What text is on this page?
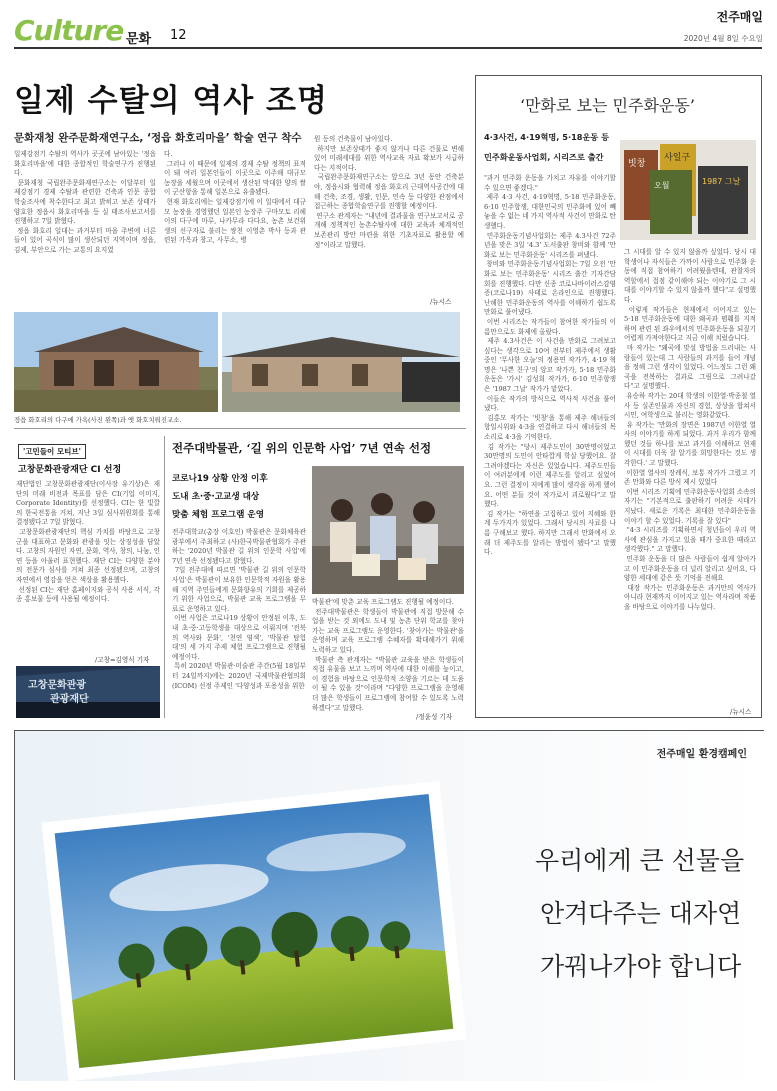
Culture 문화 12
전주매일
2020년 4월 8일 수요일
일제 수탈의 역사 조명
문화재청 완주문화재연구소, ‘정읍 화호리마을’ 학술 연구 착수
일제강점기 수탈의 역사가 곳곳에 남아있는 '정읍 화호리마을'에 대한 종합적인 학술연구가 진행된다.
문화재청 국립완주문화재연구소는 이달부터 일제강점기 경제 수탈과 관련한 건축과 인문 종합 학술조사에 착수한다고 최고 밝히고 보존 상태가 양호한 정읍시 화호리마을 등 실 태조사보고서를 진행하고 7일 밝혔다.
정읍 화호리 일대는 과거부터 마을 주변에 너른 들이 있어 곡식이 많이 생산되던 지역이며 정읍, 김제, 부안으로 가는 교통의 요지였
다.
그러나 이 때문에 일제의 경제 수탈 정책의 표적이 돼 여러 일본인들이 이곳으로 이주해 대규모 농장을 세웠으며 이곳에서 생산된 막대한 양의 쌀이 군산항을 통해 일본으로 유출됐다.
현재 화호리에는 일제강점기에 이 일대에서 대규모 농장을 경영했던 일본인 농장주 구마모토 리헤이의 다구에 마루, 나카무라 다다요, 농촌 보건위생의 선구자로 불리는 쌍천 이영춘 박사 등과 관련된 가옥과 창고, 사무소, 병
원 등의 건축물이 남아있다.
하지만 보존상태가 좋지 않거나 다른 건물로 변해 있어 미래세대를 위한 역사교육 자료 확보가 시급하다는 지적이다.
국립완주문화재연구소는 앞으로 3년 동안 건축분야, 정읍시와 협력해 정읍 화호리 근대역사공간에 대해 건축, 조경, 생활, 인문, 민속 등 다양한 관점에서 접근하는 종합학술연구를 진행할 예정이다.
연구소 관계자는 "내년에 결과물을 연구보고서로 공개해 정책적인 농촌수탈사에 대한 교육과 체계적인 보존관리 방안 마련을 위한 기초자료로 활용할 예정"이라고 말했다.
/뉴시스
정읍 화호리의 다구에 가옥(사진 왼쪽)과 옛 화호치뤄진교소.
‘만화로 보는 민주화운동’
4·3사건, 4·19혁명, 5·18운동 등
민주화운동사업회, 시리즈로 출간
빗창
사일구
오월	1987 그날
"과거 민주화 운동을 가치고 자유를 이야기할 수 있으면 좋겠다."
제주 4·3 사건, 4·19혁명, 5·18 민주화운동, 6·10 민주항쟁, 대한민국의 민주화에 있어 빼놓을 수 없는 네 가지 역사적 사건이 만화로 탄생했다.
민주화운동기념사업회는 제주 4.3사건 72주년을 맞은 3일 '4.3' 도서출판 창비와 함께 '만화로 보는 민주화운동' 시리즈를 펴냈다.
창비와 민주화운동기념사업회는 7일 오전 '만화로 보는 민주화운동' 시리즈 출간 기자간담회를 진행했다. 다만 신종 코로나바이러스감염증(코로나19) 사태로 온라인으로 진행했다. 난해한 민주화운동의 역사를 이해하기 쉽도록 만화로 풀어냈다.
이번 시리즈는 작가들이 참여한 작가들의 이름만으로도 화제에 올랐다.
제주 4.3사건은 이 사건을 만화로 그려보고 싶다는 생각으로 10여 전부터 제주에서 생활 중인 '무사한 오늘'의 정용연 작가가, 4·19 혁명은 '나쁜 친구'의 앙꼬 작가가, 5·18 민주화운동은 '가시' 김성희 작가가, 6·10 민주항쟁은 '1987 그날' 작가가 맡았다.
이들은 작가의 방식으로 역사적 사건을 풀어냈다.
김홍모 작가는 '빗창'을 통해 제주 해녀들의 항일시위와 4·3을 연결하고 다시 해녀들의 목소리로 4·3을 기억한다.
김 작가는 "당시 제주도민이 30만명이었고 30만명의 도민이 안타깝게 학살 당했어요. 잘 그려야겠다는 자신은 있었습니다. 제주도민들이 여러분에게 이런 제주도를 알리고 싶었어요. 그런 결정이 저에게 많이 생각을 하게 했어요. 어떤 분들 것이 작가로서 괴로웠다"고 말했다.
김 작가는 "하연을 고집하고 있어 지혜와 한계 두가지가 있었다. 그래서 당시의 사료를 나름 구해보고 했다. 하지만 그래서 만화에서 오래 더 제주도를 알리는 방법이 됐다"고 말했다.
그 시대를 알 수 있지 않을까 싶었다. 당시 대학생이나 자식들은 가까이 사람으로 민주화 운동에 직접 참여하기 어려웠을텐데, 관찰자의 역할에서 접점 같이해야 되는 이야기로 그 시대를 이야기할 수 있지 않을까 했다"고 설명했다.
이렇게 작가들은 현재에서 이어지고 있는 5·18 민주화운동에 대한 왜곡과 폄훼를 지적하며 관련 된 좌우에서의 민주화운동을 되짚기 어렵게 가져야한다고 지금 이해 치렀습니다.
마 작가는 "왜곡에 맞설 방법을 드러내는 사람들이 있는데 그 사람들의 과거를 들어 개념을 정해 그런 생각이 있었다. 어느정도 그런 왜곡을 전복하는 결과로 그림으로 그려나갔다"고 설명했다.
유승하 작가는 20대 학생의 이한열·박종철 열사 등 실존인물과 자신의 경험, 상상을 합쳐서 시민, 여학생으로 불리는 영화같았다.
유 작가는 '만화의 장면은 1987년 이한열 열사의 이야기를 하게 되었다. 과거 우리가 함께 했던 것들 하나를 보고 과거를 이해하고 현재 이 시대를 더욱 잘 알기를 희망한다는 것도 생각한다.' 고 말했다.
이한열 열사의 장례식, 보통 작가가 그렸고 기존 만화와 다른 방식 제시 있었다
이번 시리즈 기획에 민주화운동사업회 소속의 자기는 "기본적으로 출판하기 어려운 시대가 지났다. 새로운 기록은 최대한 민주화운동을 이야기 할 수 있었다. 기록을 잘 있다"
"4·3 시리즈를 기획하면서 청년들이 우리 역사에 관심을 가지고 있을 때가 중요한 때라고 생각했다." 고 말했다.
민주화 운동을 더 많은 사람들이 쉽게 알아가고 이 민주화운동을 더 널리 알리고 싶어요, 다양한 세대에 같은 뜻 기억을 전해요
대장 작가는 민주화운동은 과거만의 역사가 아니라 현재까지 이어지고 있는 역사라며 작품을 바탕으로 이야기를 나누었다.
/뉴시스
'고민들이 모티브'
고창문화관광재단 CI 선정
재단법인 고창문화관광재단(이사장 유기상)은 재단의 미래 비전과 목표를 담은 CI(기업 이미지, Corporate Identity)를 선정했다. CI는 한 빛깔의 한국전통을 거쳐, 지난 3일 심사위원회를 통해 결정됐다고 7일 밝혔다.
고창문화관광재단의 핵심 가치를 바탕으로 고창군을 대표하고 문화와 관광을 잇는 상징성을 담았다. 고창의 자원인 자연, 문화, 역사, 창의, 나눔, 인연 등을 아울러 표현했다. 재단 CI는 다양한 분야의 전문가 심사를 거쳐 최종 선정됐으며, 고창의 자연에서 영감을 얻은 색상을 활용했다.
선정된 CI는 재단 홈페이지와 공식 사용 서식, 각종 홍보물 등에 사용될 예정이다.
/고창=김영식 기자
고창문화관광
관광재단
전주대박물관, ‘길 위의 인문학 사업’ 7년 연속 선정
코로나19 상황 안정 이후
도내 초·중·고교생 대상
맞춤 체험 프로그램 운영
전주대학교(총장 이호인) 박물관은 문화체육관광부에서 주최하고 (사)한국박물관협회가 주관하는 '2020년 박물관 길 위의 인문학 사업'에 7년 연속 선정됐다고 밝혔다.
7일 전주대에 따르면 '박물관 길 위의 인문학 사업'은 박물관이 보유한 인문학적 자원을 활용해 지역 주민들에게 문화향유의 기회를 제공하기 위한 사업으로, 박물관 교육 프로그램을 무료로 운영하고 있다.
이번 사업은 코로나19 상황이 안정된 이후, 도내 초·중·고등학생을 대상으로 이뤄지며 '전북의 역사와 문화', '천연 염색', '박물관 탐험대'의 세 가지 주제 체험 프로그램으로 진행될 예정이다.
특히 2020년 박물관·미술관 주간(5월 18일부터 24일까지)에는 2020년 국제박물관협의회(ICOM) 선정 주제인 '다양성과 포용성을 위한
박물관'에 맞춘 교육 프로그램도 진행될 예정이다.
전주대박물관은 학생들이 박물관에 직접 방문해 수업을 받는 것 외에도 도내 및 농촌 단위 학교를 찾아가는 교육 프로그램도 운영한다. '찾아가는 박물관'을 운영하며 교육 프로그램 수혜자를 확대해가기 위해 노력하고 있다.
박물관 측 관계자는 "박물관 교육을 받은 학생들이 직접 유물을 보고 느끼며 역사에 대한 이해를 높이고, 이 경험을 바탕으로 인문학적 소양을 기르는 데 도움이 될 수 있을 것"이라며 "다양한 프로그램을 운영해 더 많은 학생들이 프로그램에 참여할 수 있도록 노력하겠다"고 말했다.
/정윤성 기자
전주매일 환경캠페인
우리에게 큰 선물을
안겨다주는 대자연
가꿔나가야 합니다
